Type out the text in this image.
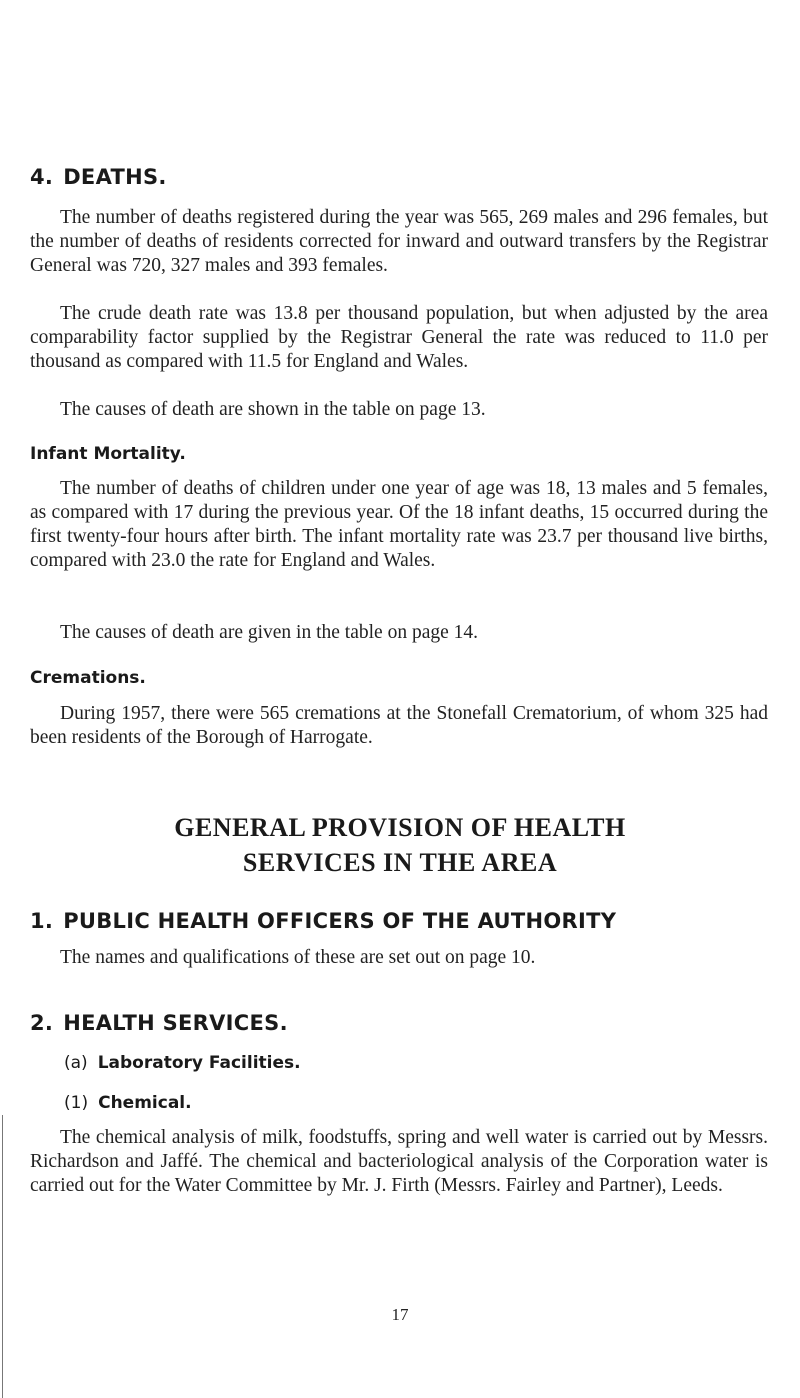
4. DEATHS.

The number of deaths registered during the year was 565, 269 males and 296 females, but the number of deaths of residents corrected for inward and outward transfers by the Registrar General was 720, 327 males and 393 females.

The crude death rate was 13.8 per thousand population, but when adjusted by the area comparability factor supplied by the Registrar General the rate was reduced to 11.0 per thousand as compared with 11.5 for England and Wales.

The causes of death are shown in the table on page 13.

Infant Mortality.

The number of deaths of children under one year of age was 18, 13 males and 5 females, as compared with 17 during the previous year. Of the 18 infant deaths, 15 occurred during the first twenty-four hours after birth. The infant mortality rate was 23.7 per thousand live births, compared with 23.0 the rate for England and Wales.

The causes of death are given in the table on page 14.

Cremations.

During 1957, there were 565 cremations at the Stonefall Crematorium, of whom 325 had been residents of the Borough of Harrogate.

GENERAL PROVISION OF HEALTH

SERVICES IN THE AREA

1. PUBLIC HEALTH OFFICERS OF THE AUTHORITY

The names and qualifications of these are set out on page 10.

2. HEALTH SERVICES.

(a) Laboratory Facilities.

(1) Chemical.

The chemical analysis of milk, foodstuffs, spring and well water is carried out by Messrs. Richardson and Jaffé. The chemical and bacteriological analysis of the Corporation water is carried out for the Water Committee by Mr. J. Firth (Messrs. Fairley and Partner), Leeds.

17
